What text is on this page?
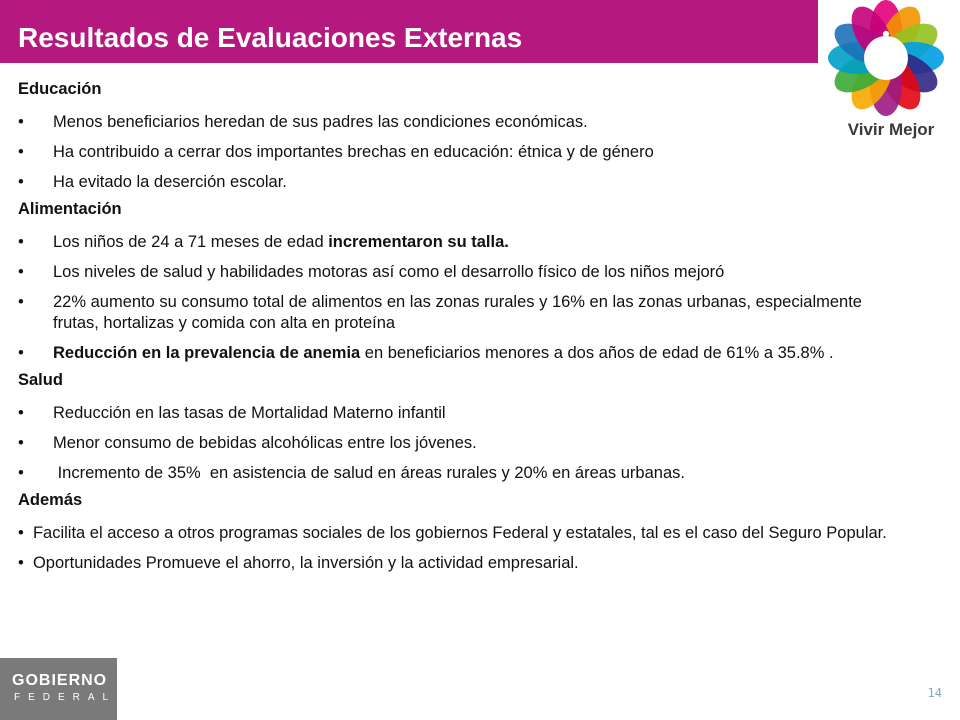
Resultados de Evaluaciones Externas
Vivir Mejor
Educación
• Menos beneficiarios heredan de sus padres las condiciones económicas.
• Ha contribuido a cerrar dos importantes brechas en educación: étnica y de género
• Ha evitado la deserción escolar.
Alimentación
• Los niños de 24 a 71 meses de edad incrementaron su talla.
• Los niveles de salud y habilidades motoras así como el desarrollo físico de los niños mejoró
• 22% aumento su consumo total de alimentos en las zonas rurales y 16% en las zonas urbanas, especialmente frutas, hortalizas y comida con alta en proteína
• Reducción en la prevalencia de anemia en beneficiarios menores a dos años de edad de 61% a 35.8% .
Salud
• Reducción en las tasas de Mortalidad Materno infantil
• Menor consumo de bebidas alcohólicas entre los jóvenes.
• Incremento de 35%  en asistencia de salud en áreas rurales y 20% en áreas urbanas.
Además
• Facilita el acceso a otros programas sociales de los gobiernos Federal y estatales, tal es el caso del Seguro Popular.
• Oportunidades Promueve el ahorro, la inversión y la actividad empresarial.
GOBIERNO
FEDERAL	14
